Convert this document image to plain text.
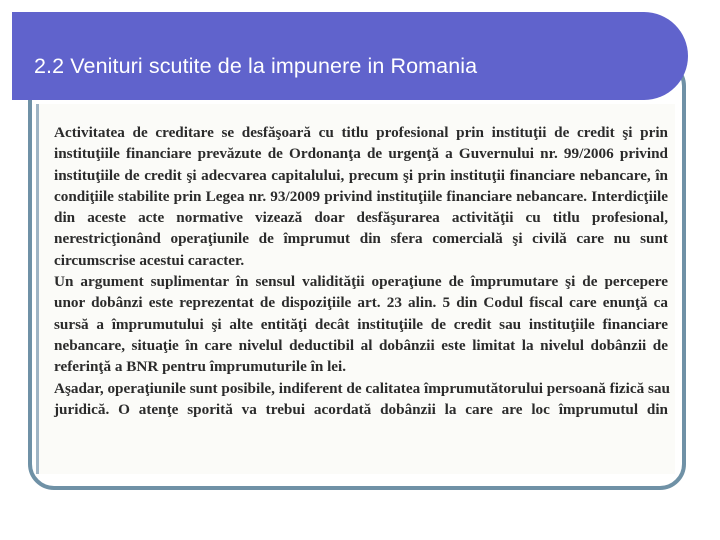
2.2 Venituri scutite de la impunere in Romania
Activitatea de creditare se desfăşoară cu titlu profesional prin instituţii de credit şi prin
instituţiile financiare prevăzute de Ordonanţa de urgenţă a Guvernului nr. 99/2006 privind
instituţiile de credit şi adecvarea capitalului, precum şi prin instituţii financiare nebancare, în
condiţiile stabilite prin Legea nr. 93/2009 privind instituţiile financiare nebancare. Interdicţiile
din aceste acte normative vizează doar desfăşurarea activităţii cu titlu profesional,
nerestricţionând operaţiunile de împrumut din sfera comercială şi civilă care nu sunt
circumscrise acestui caracter.
Un argument suplimentar în sensul validităţii operaţiune de împrumutare şi de percepere
unor dobânzi este reprezentat de dispoziţiile art. 23 alin. 5 din Codul fiscal care enunţă ca
sursă a împrumutului şi alte entităţi decât instituţiile de credit sau instituţiile financiare
nebancare, situaţie în care nivelul deductibil al dobânzii este limitat la nivelul dobânzii de
referinţă a BNR pentru împrumuturile în lei.
Aşadar, operaţiunile sunt posibile, indiferent de calitatea împrumutătorului persoană fizică sau
juridică. O atenţe sporită va trebui acordată dobânzii la care are loc împrumutul din
